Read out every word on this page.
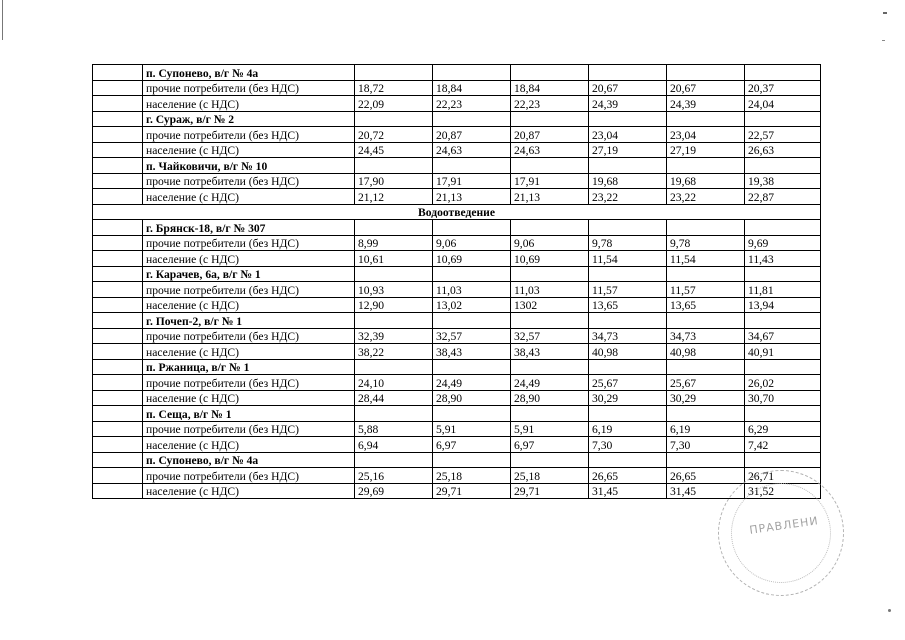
	п. Супонево, в/г № 4а						
	прочие потребители (без НДС)	18,72	18,84	18,84	20,67	20,67	20,37
	население (с НДС)	22,09	22,23	22,23	24,39	24,39	24,04
	г. Сураж, в/г № 2						
	прочие потребители (без НДС)	20,72	20,87	20,87	23,04	23,04	22,57
	население (с НДС)	24,45	24,63	24,63	27,19	27,19	26,63
	п. Чайковичи, в/г № 10						
	прочие потребители (без НДС)	17,90	17,91	17,91	19,68	19,68	19,38
	население (с НДС)	21,12	21,13	21,13	23,22	23,22	22,87
Водоотведение							
	г. Брянск-18, в/г № 307						
	прочие потребители (без НДС)	8,99	9,06	9,06	9,78	9,78	9,69
	население (с НДС)	10,61	10,69	10,69	11,54	11,54	11,43
	г. Карачев, 6а, в/г № 1						
	прочие потребители (без НДС)	10,93	11,03	11,03	11,57	11,57	11,81
	население (с НДС)	12,90	13,02	1302	13,65	13,65	13,94
	г. Почеп-2, в/г № 1						
	прочие потребители (без НДС)	32,39	32,57	32,57	34,73	34,73	34,67
	население (с НДС)	38,22	38,43	38,43	40,98	40,98	40,91
	п. Ржаница, в/г № 1						
	прочие потребители (без НДС)	24,10	24,49	24,49	25,67	25,67	26,02
	население (с НДС)	28,44	28,90	28,90	30,29	30,29	30,70
	п. Сеща, в/г № 1						
	прочие потребители (без НДС)	5,88	5,91	5,91	6,19	6,19	6,29
	население (с НДС)	6,94	6,97	6,97	7,30	7,30	7,42
	п. Супонево, в/г № 4а						
	прочие потребители (без НДС)	25,16	25,18	25,18	26,65	26,65	26,71
	население (с НДС)	29,69	29,71	29,71	31,45	31,45	31,52
ПРАВЛЕНИ
